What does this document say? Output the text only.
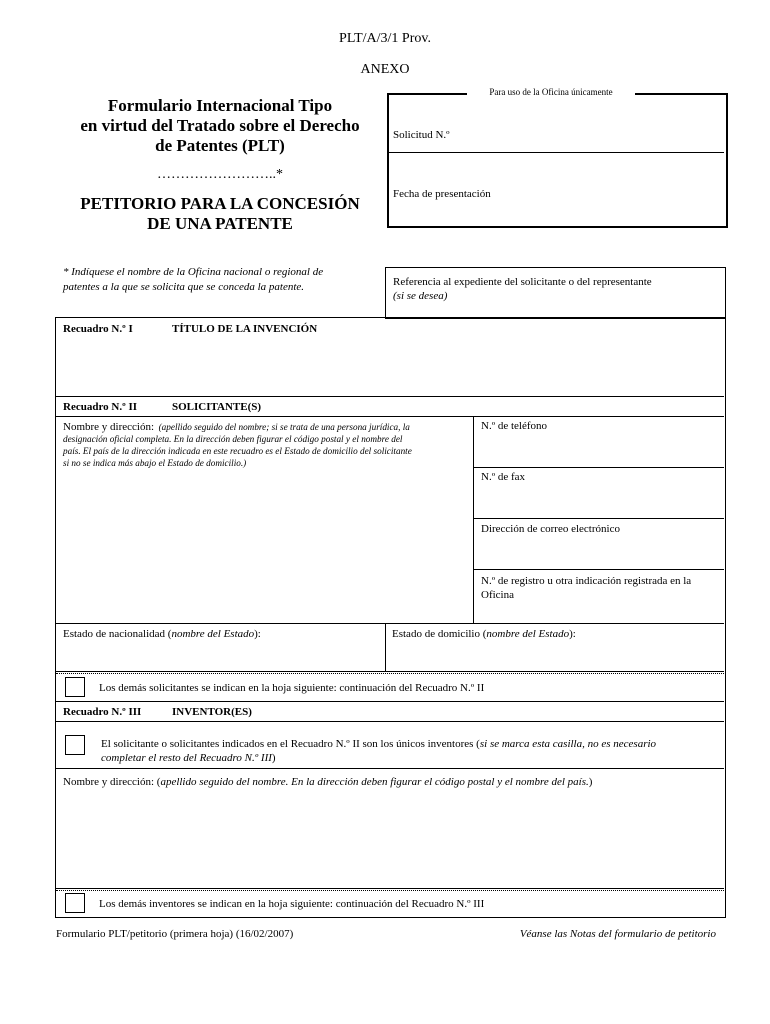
PLT/A/3/1 Prov.
ANEXO
Formulario Internacional Tipo
en virtud del Tratado sobre el Derecho
de Patentes (PLT)
……………………..*
PETITORIO PARA LA CONCESIÓN
DE UNA PATENTE
Para uso de la Oficina únicamente
Solicitud N.º
Fecha de presentación
* Indíquese el nombre de la Oficina nacional o regional de
patentes a la que se solicita que se conceda la patente.	Referencia al expediente del solicitante o del representante
(si se desea)
Recuadro N.º I	TÍTULO DE LA INVENCIÓN
Recuadro N.º II	SOLICITANTE(S)
Nombre y dirección: (apellido seguido del nombre; si se trata de una persona jurídica, la
designación oficial completa. En la dirección deben figurar el código postal y el nombre del
país. El país de la dirección indicada en este recuadro es el Estado de domicilio del solicitante
si no se indica más abajo el Estado de domicilio.)
N.º de teléfono
N.º de fax
Dirección de correo electrónico
N.º de registro u otra indicación registrada en la
Oficina
Estado de nacionalidad (nombre del Estado):	Estado de domicilio (nombre del Estado):
Los demás solicitantes se indican en la hoja siguiente: continuación del Recuadro N.º II
Recuadro N.º III	INVENTOR(ES)
El solicitante o solicitantes indicados en el Recuadro N.º II son los únicos inventores (si se marca esta casilla, no es necesario
completar el resto del Recuadro N.º III)
Nombre y dirección: (apellido seguido del nombre. En la dirección deben figurar el código postal y el nombre del país.)
Los demás inventores se indican en la hoja siguiente: continuación del Recuadro N.º III
Formulario PLT/petitorio (primera hoja) (16/02/2007)	Véanse las Notas del formulario de petitorio
